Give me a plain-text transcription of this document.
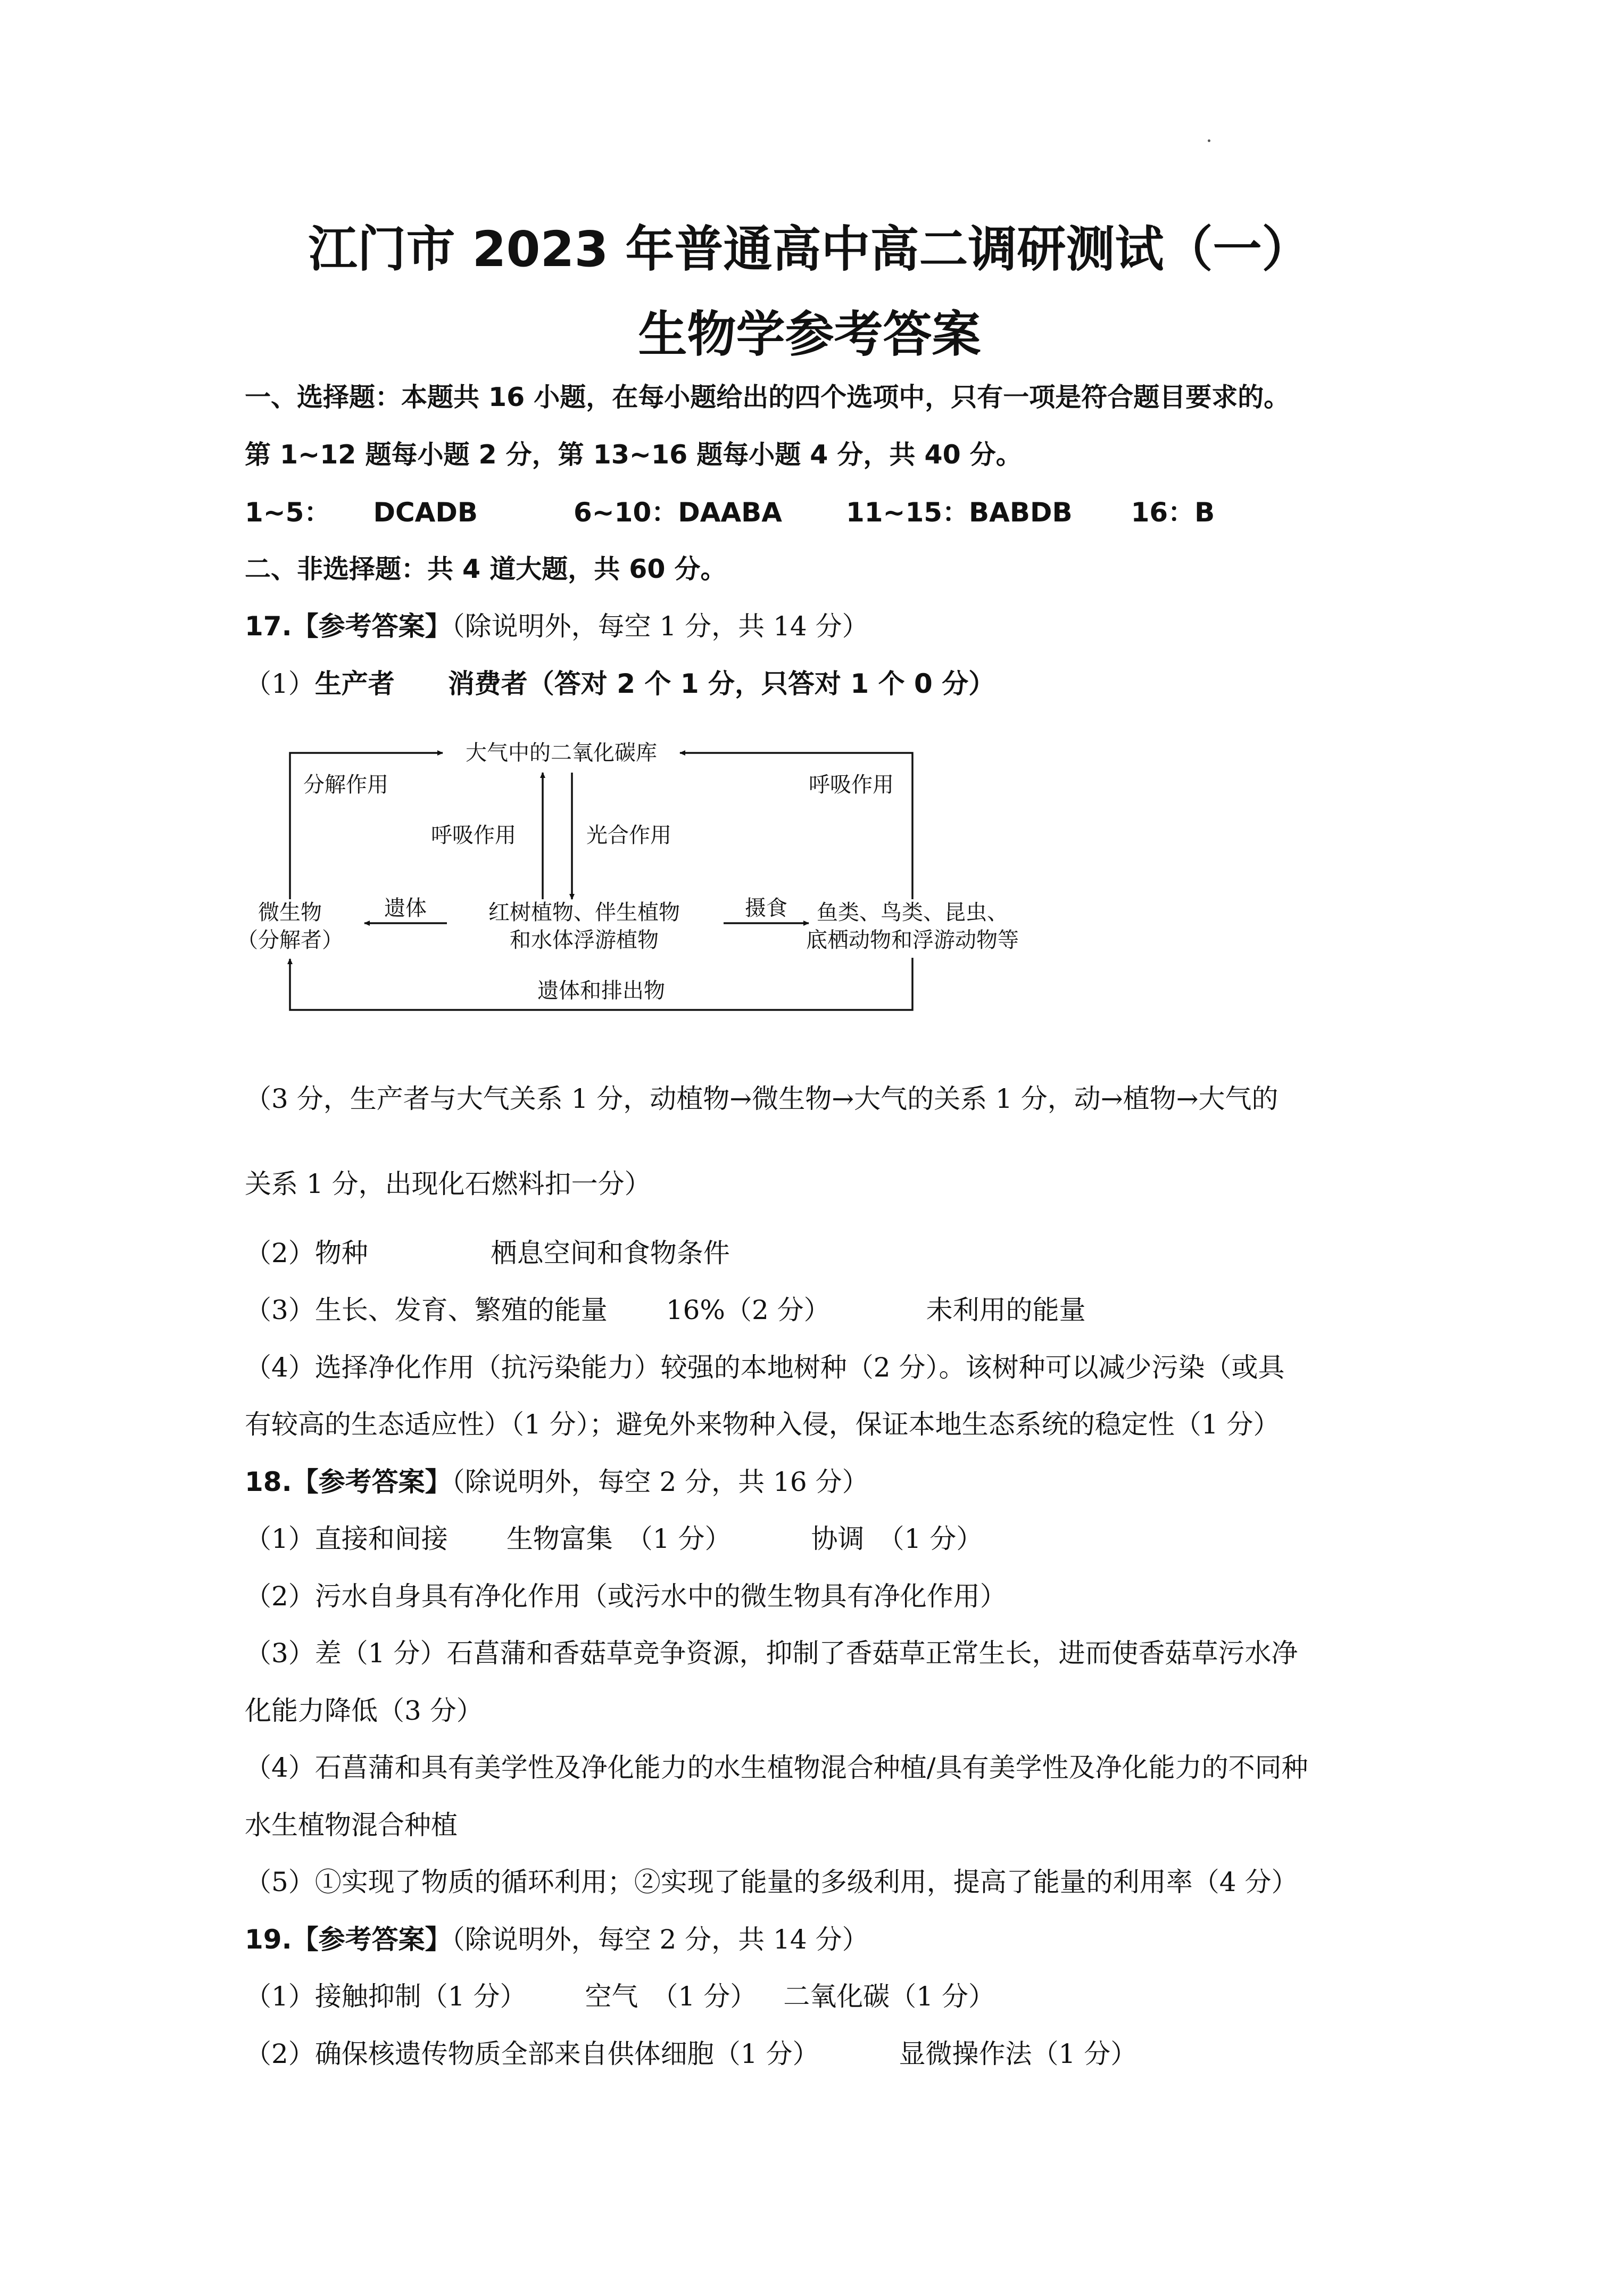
江门市 2023 年普通高中高二调研测试（一）
生物学参考答案
一、选择题：本题共 16 小题，在每小题给出的四个选项中，只有一项是符合题目要求的。
第 1~12 题每小题 2 分，第 13~16 题每小题 4 分，共 40 分。
1~5： DCADB	6~10：DAABA 11~15：BABDB 16：B
二、非选择题：共 4 道大题，共 60 分。
17.【参考答案】（除说明外，每空 1 分，共 14 分）
（1）生产者 消费者（答对 2 个 1 分，只答对 1 个 0 分）
大气中的二氧化碳库
分解作用	呼吸作用
呼吸作用	光合作用
微生物
（分解者）
遗体	红树植物、伴生植物
和水体浮游植物
摄食 鱼类、鸟类、昆虫、
底栖动物和浮游动物等
遗体和排出物
（3 分，生产者与大气关系 1 分，动植物→微生物→大气的关系 1 分，动→植物→大气的
关系 1 分，出现化石燃料扣一分）
（2）物种	栖息空间和食物条件
（3）生长、发育、繁殖的能量 16%（2 分）	未利用的能量
（4）选择净化作用（抗污染能力）较强的本地树种（2 分）。该树种可以减少污染（或具
有较高的生态适应性）（1 分）；避免外来物种入侵，保证本地生态系统的稳定性（1 分）
18.【参考答案】（除说明外，每空 2 分，共 16 分）
（1）直接和间接 生物富集　（1 分）	协调　（1 分）
（2）污水自身具有净化作用（或污水中的微生物具有净化作用）
（3）差（1 分）石菖蒲和香菇草竞争资源，抑制了香菇草正常生长，进而使香菇草污水净
化能力降低（3 分）
（4）石菖蒲和具有美学性及净化能力的水生植物混合种植/具有美学性及净化能力的不同种
水生植物混合种植
（5）①实现了物质的循环利用；②实现了能量的多级利用，提高了能量的利用率（4 分）
19.【参考答案】（除说明外，每空 2 分，共 14 分）
（1）接触抑制（1 分） 空气　（1 分） 二氧化碳（1 分）
（2）确保核遗传物质全部来自供体细胞（1 分）	显微操作法（1 分）
